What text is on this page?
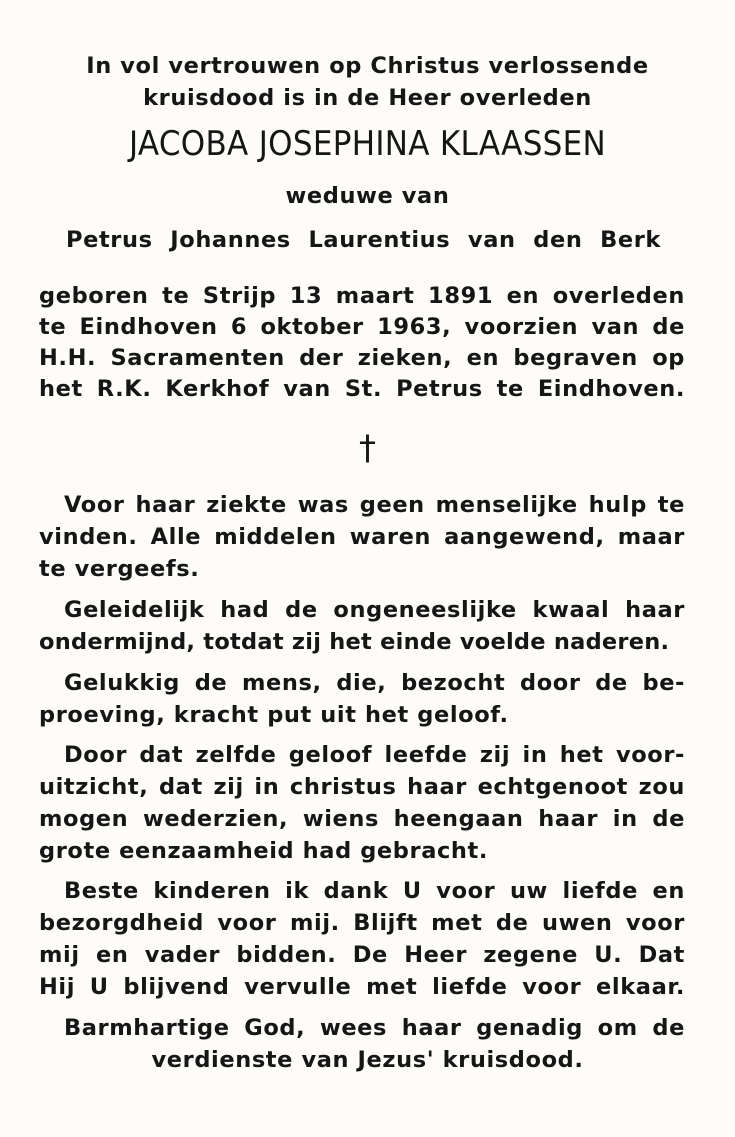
In vol vertrouwen op Christus verlossende
kruisdood is in de Heer overleden
JACOBA JOSEPHINA KLAASSEN
weduwe van
Petrus Johannes Laurentius van den Berk
geboren te Strijp 13 maart 1891 en overleden
te Eindhoven 6 oktober 1963, voorzien van de
H.H. Sacramenten der zieken, en begraven op
het R.K. Kerkhof van St. Petrus te Eindhoven.
†
Voor haar ziekte was geen menselijke hulp te
vinden. Alle middelen waren aangewend, maar
te vergeefs.
Geleidelijk had de ongeneeslijke kwaal haar
ondermijnd, totdat zij het einde voelde naderen.
Gelukkig de mens, die, bezocht door de be-
proeving, kracht put uit het geloof.
Door dat zelfde geloof leefde zij in het voor-
uitzicht, dat zij in christus haar echtgenoot zou
mogen wederzien, wiens heengaan haar in de
grote eenzaamheid had gebracht.
Beste kinderen ik dank U voor uw liefde en
bezorgdheid voor mij. Blijft met de uwen voor
mij en vader bidden. De Heer zegene U. Dat
Hij U blijvend vervulle met liefde voor elkaar.
Barmhartige God, wees haar genadig om de
verdienste van Jezus' kruisdood.
